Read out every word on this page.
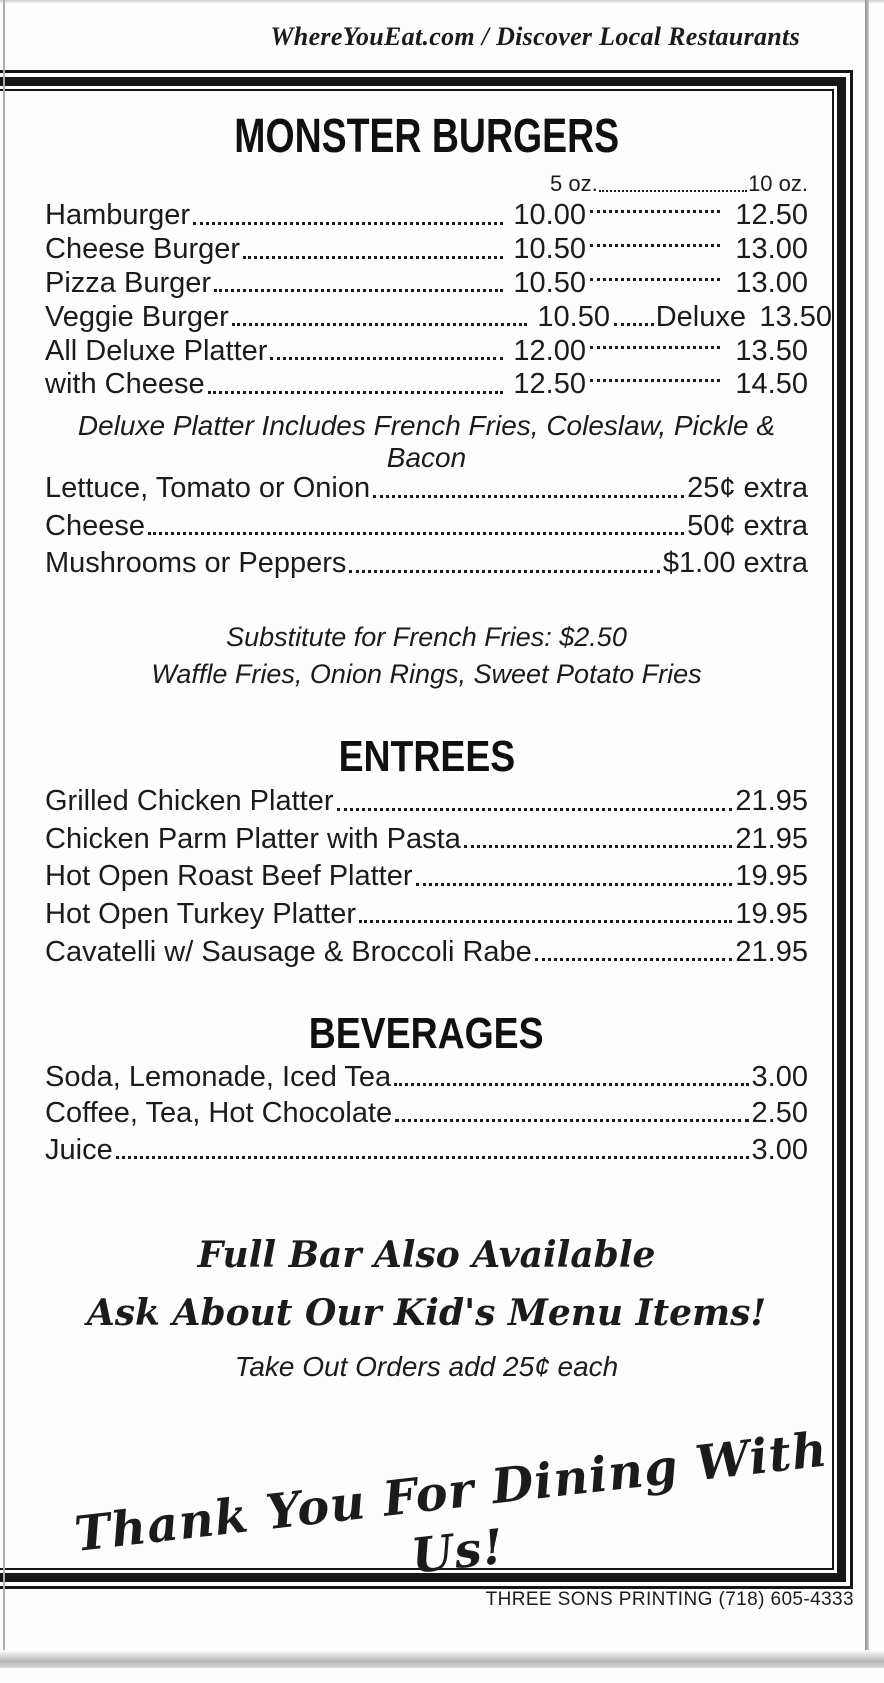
WhereYouEat.com / Discover Local Restaurants
MONSTER BURGERS
5 oz.	10 oz.
Hamburger	10.00	12.50
Cheese Burger	10.50	13.00
Pizza Burger	10.50	13.00
Veggie Burger	10.50 Deluxe 13.50
All Deluxe Platter	12.00	13.50
with Cheese	12.50	14.50
Deluxe Platter Includes French Fries, Coleslaw, Pickle & Bacon
Lettuce, Tomato or Onion	25¢ extra
Cheese	50¢ extra
Mushrooms or Peppers	$1.00 extra
Substitute for French Fries: $2.50
Waffle Fries, Onion Rings, Sweet Potato Fries
ENTREES
Grilled Chicken Platter	21.95
Chicken Parm Platter with Pasta	21.95
Hot Open Roast Beef Platter	19.95
Hot Open Turkey Platter	19.95
Cavatelli w/ Sausage & Broccoli Rabe	21.95
BEVERAGES
Soda, Lemonade, Iced Tea	3.00
Coffee, Tea, Hot Chocolate	2.50
Juice	3.00
Full Bar Also Available
Ask About Our Kid's Menu Items!
Take Out Orders add 25¢ each
Thank You For Dining With Us!
THREE SONS PRINTING (718) 605-4333
